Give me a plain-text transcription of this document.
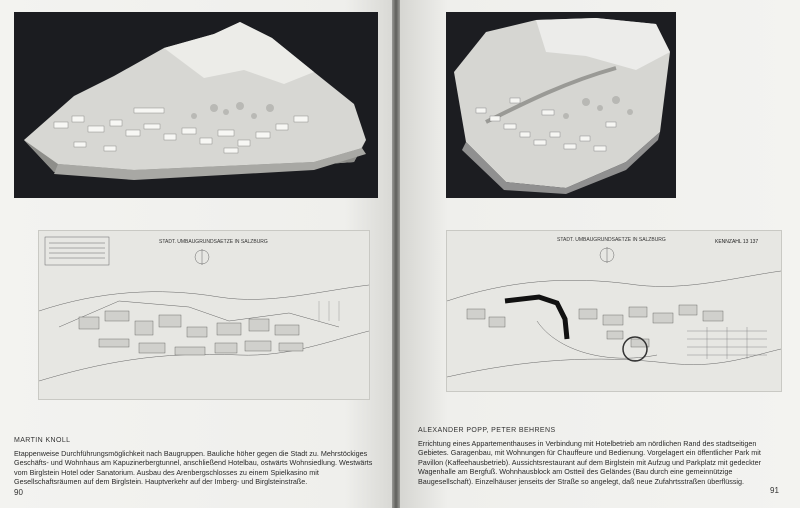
STADT. UMBAUGRUNDSAETZE IN SALZBURG
MARTIN KNOLL
Etappenweise Durchführungsmöglichkeit nach Baugruppen. Bauliche höher gegen die Stadt zu. Mehrstöckiges Geschäfts- und Wohnhaus am Kapuzinerbergtunnel, anschließend Hotelbau, ostwärts Wohnsiedlung. Westwärts vom Birglstein Hotel oder Sanatorium. Ausbau des Arenbergschlosses zu einem Spielkasino mit Gesellschaftsräumen auf dem Birglstein. Hauptverkehr auf der Imberg- und Birglsteinstraße.
90
STADT. UMBAUGRUNDSAETZE IN SALZBURG	KENNZAHL 13 137
ALEXANDER POPP, PETER BEHRENS
Errichtung eines Appartementhauses in Verbindung mit Hotelbetrieb am nördlichen Rand des stadtseitigen Gebietes. Garagenbau, mit Wohnungen für Chauffeure und Bedienung. Vorgelagert ein öffentlicher Park mit Pavillon (Kaffeehausbetrieb). Aussichtsrestaurant auf dem Birglstein mit Aufzug und Parkplatz mit gedeckter Wagenhalle am Bergfuß. Wohnhausblock am Ostteil des Geländes (Bau durch eine gemeinnützige Baugesellschaft). Einzelhäuser jenseits der Straße so angelegt, daß neue Zufahrtsstraßen überflüssig.
91
